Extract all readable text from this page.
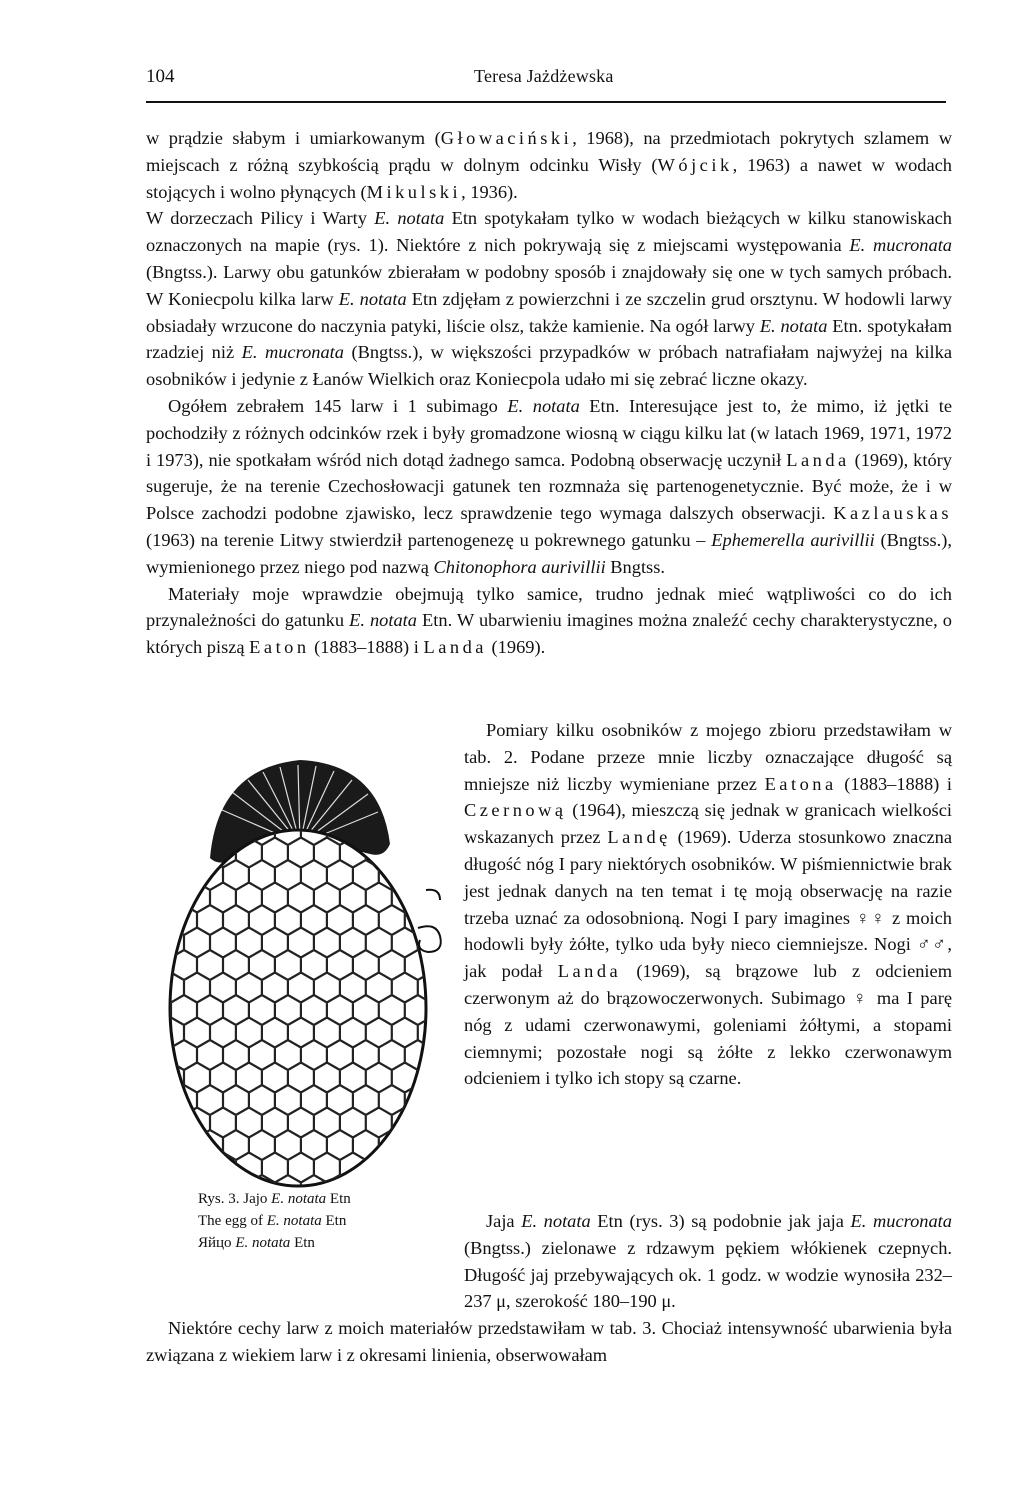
104	Teresa Jażdżewska

w prądzie słabym i umiarkowanym (Głowaciński, 1968), na przedmiotach pokrytych szlamem w miejscach z różną szybkością prądu w dolnym odcinku Wisły (Wójcik, 1963) a nawet w wodach stojących i wolno płynących (Mikulski, 1936).

W dorzeczach Pilicy i Warty E. notata Etn spotykałam tylko w wodach bieżących w kilku stanowiskach oznaczonych na mapie (rys. 1). Niektóre z nich pokrywają się z miejscami występowania E. mucronata (Bngtss.). Larwy obu gatunków zbierałam w podobny sposób i znajdowały się one w tych samych próbach. W Koniecpolu kilka larw E. notata Etn zdjęłam z powierzchni i ze szczelin grud orsztynu. W hodowli larwy obsiadały wrzucone do naczynia patyki, liście olsz, także kamienie. Na ogół larwy E. notata Etn. spotykałam rzadziej niż E. mucronata (Bngtss.), w większości przypadków w próbach natrafiałam najwyżej na kilka osobników i jedynie z Łanów Wielkich oraz Koniecpola udało mi się zebrać liczne okazy.

Ogółem zebrałem 145 larw i 1 subimago E. notata Etn. Interesujące jest to, że mimo, iż jętki te pochodziły z różnych odcinków rzek i były gromadzone wiosną w ciągu kilku lat (w latach 1969, 1971, 1972 i 1973), nie spotkałam wśród nich dotąd żadnego samca. Podobną obserwację uczynił Landa (1969), który sugeruje, że na terenie Czechosłowacji gatunek ten rozmnaża się partenogenetycznie. Być może, że i w Polsce zachodzi podobne zjawisko, lecz sprawdzenie tego wymaga dalszych obserwacji. Kazlauskas (1963) na terenie Litwy stwierdził partenogenezę u pokrewnego gatunku – Ephemerella aurivillii (Bngtss.), wymienionego przez niego pod nazwą Chitonophora aurivillii Bngtss.

Materiały moje wprawdzie obejmują tylko samice, trudno jednak mieć wątpliwości co do ich przynależności do gatunku E. notata Etn. W ubarwieniu imagines można znaleźć cechy charakterystyczne, o których piszą Eaton (1883–1888) i Landa (1969).

Pomiary kilku osobników z mojego zbioru przedstawiłam w tab. 2. Podane przeze mnie liczby oznaczające długość są mniejsze niż liczby wymieniane przez Eatona (1883–1888) i Czernową (1964), mieszczą się jednak w granicach wielkości wskazanych przez Landę (1969). Uderza stosunkowo znaczna długość nóg I pary niektórych osobników. W piśmiennictwie brak jest jednak danych na ten temat i tę moją obserwację na razie trzeba uznać za odosobnioną. Nogi I pary imagines ♀♀ z moich hodowli były żółte, tylko uda były nieco ciemniejsze. Nogi ♂♂, jak podał Landa (1969), są brązowe lub z odcieniem czerwonym aż do brązowoczerwonych. Subimago ♀ ma I parę nóg z udami czerwonawymi, goleniami żółtymi, a stopami ciemnymi; pozostałe nogi są żółte z lekko czerwonawym odcieniem i tylko ich stopy są czarne.

Rys. 3. Jajo E. notata Etn
The egg of E. notata Etn
Яйцо E. notata Etn

Jaja E. notata Etn (rys. 3) są podobnie jak jaja E. mucronata (Bngtss.) zielonawe z rdzawym pękiem włókienek czepnych. Długość jaj przebywających ok. 1 godz. w wodzie wynosiła 232–237 μ, szerokość 180–190 μ.

Niektóre cechy larw z moich materiałów przedstawiłam w tab. 3. Chociaż intensywność ubarwienia była związana z wiekiem larw i z okresami linienia, obserwowałam
